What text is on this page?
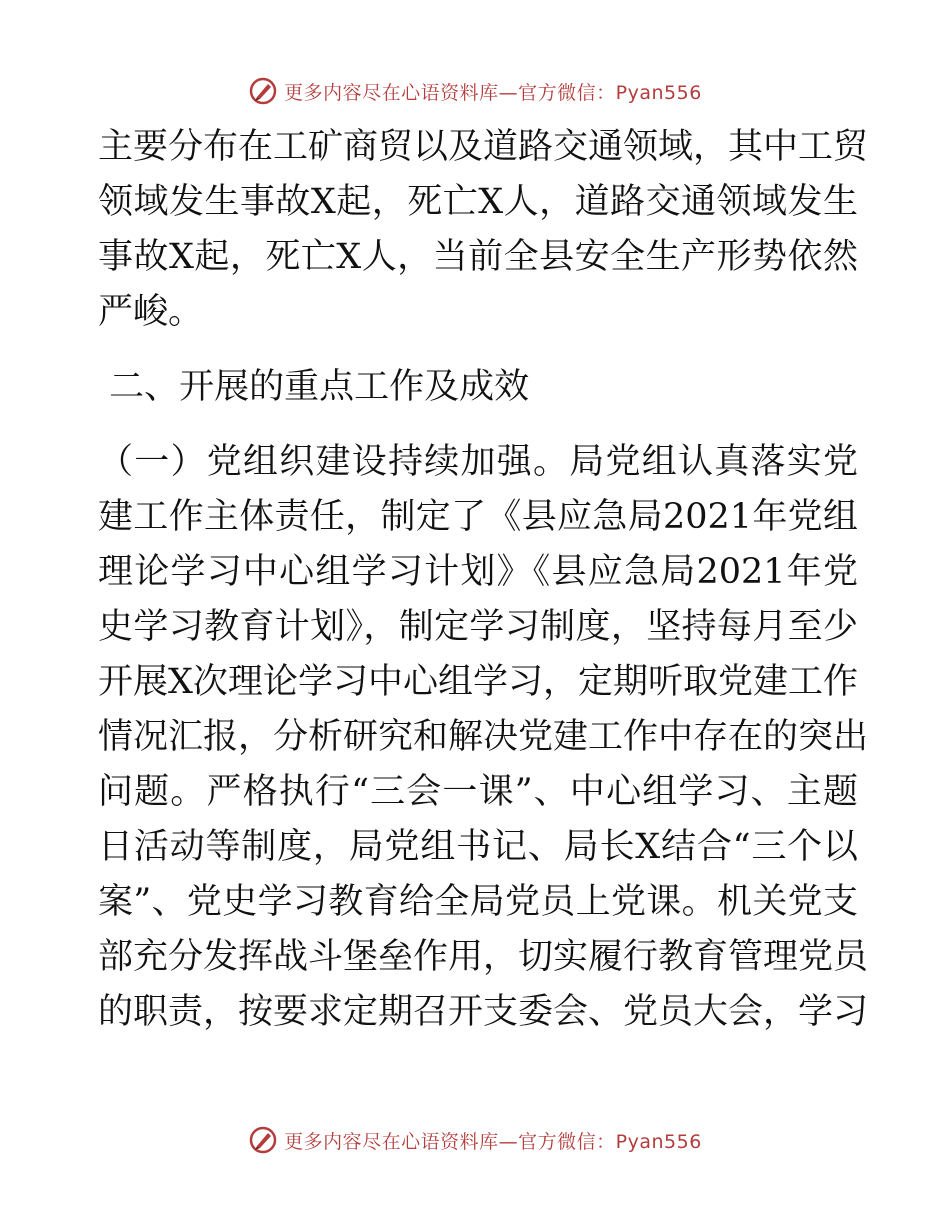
更多内容尽在心语资料库—官方微信：Pyan556
主要分布在工矿商贸以及道路交通领域，其中工贸
领域发生事故X起，死亡X人，道路交通领域发生
事故X起，死亡X人，当前全县安全生产形势依然
严峻。
二、开展的重点工作及成效
（一）党组织建设持续加强。局党组认真落实党
建工作主体责任，制定了《县应急局2021年党组
理论学习中心组学习计划》《县应急局2021年党
史学习教育计划》，制定学习制度，坚持每月至少
开展X次理论学习中心组学习，定期听取党建工作
情况汇报，分析研究和解决党建工作中存在的突出
问题。严格执行“三会一课”、中心组学习、主题
日活动等制度，局党组书记、局长X结合“三个以
案”、党史学习教育给全局党员上党课。机关党支
部充分发挥战斗堡垒作用，切实履行教育管理党员
的职责，按要求定期召开支委会、党员大会，学习
更多内容尽在心语资料库—官方微信：Pyan556
